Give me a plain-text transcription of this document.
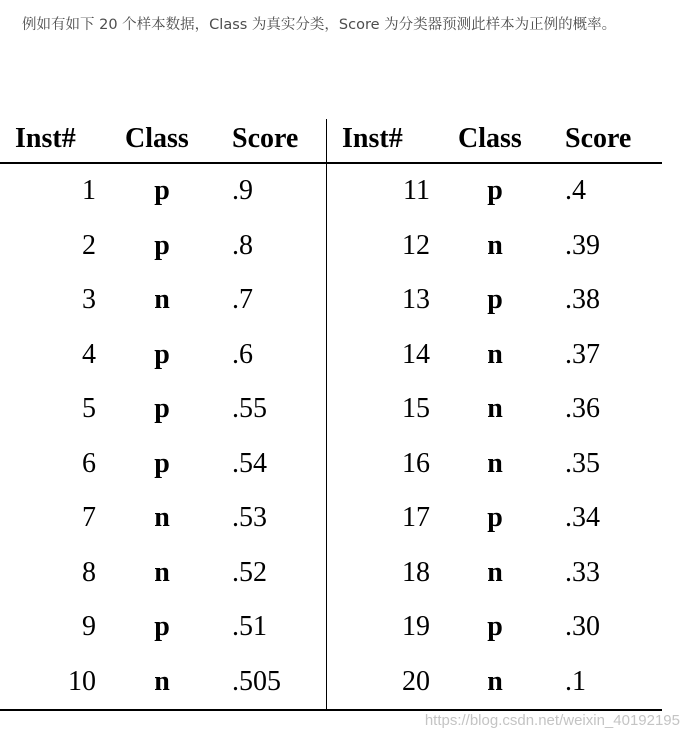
例如有如下 20 个样本数据，Class 为真实分类，Score 为分类器预测此样本为正例的概率。
Inst# Class Score Inst# Class Score
1 p .9	11 p .4
2 p .8	12 n .39
3 n .7	13 p .38
4 p .6	14 n .37
5 p .55	15 n .36
6 p .54	16 n .35
7 n .53	17 p .34
8 n .52	18 n .33
9 p .51	19 p .30
10 n .505	20 n .1
https://blog.csdn.net/weixin_40192195
